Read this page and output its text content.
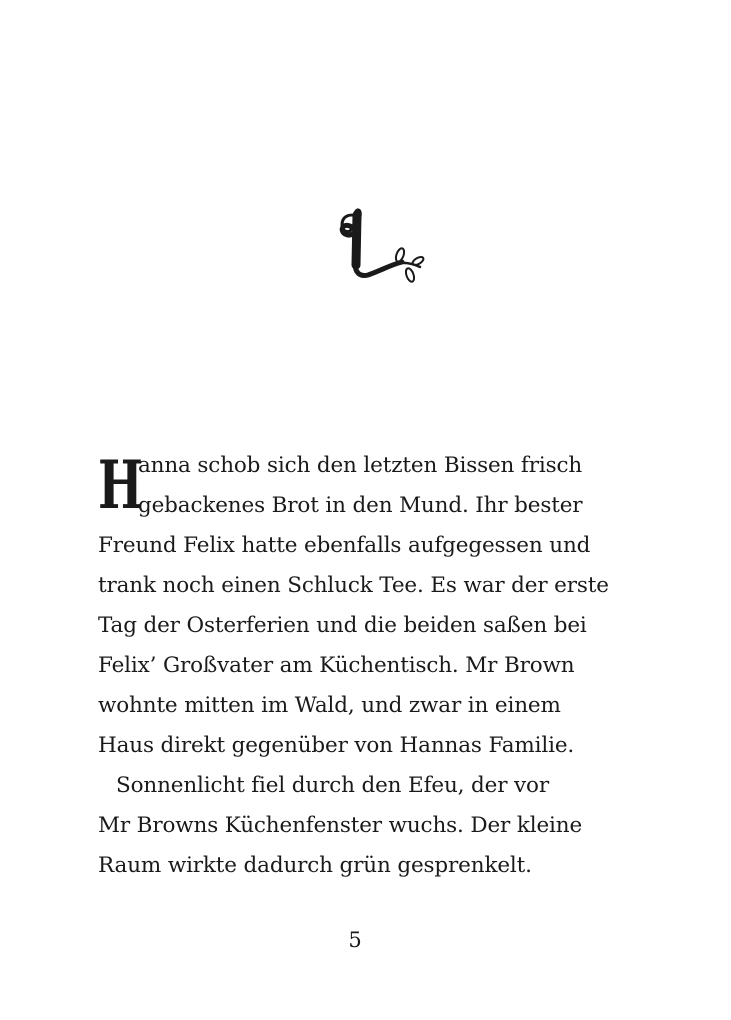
H
anna schob sich den letzten Bissen frisch
gebackenes Brot in den Mund. Ihr bester
Freund Felix hatte ebenfalls aufgegessen und
trank noch einen Schluck Tee. Es war der erste
Tag der Osterferien und die beiden saßen bei
Felix’ Großvater am Küchentisch. Mr Brown
wohnte mitten im Wald, und zwar in einem
Haus direkt gegenüber von Hannas Familie.
Sonnenlicht fiel durch den Efeu, der vor
Mr Browns Küchenfenster wuchs. Der kleine
Raum wirkte dadurch grün gesprenkelt.
5
